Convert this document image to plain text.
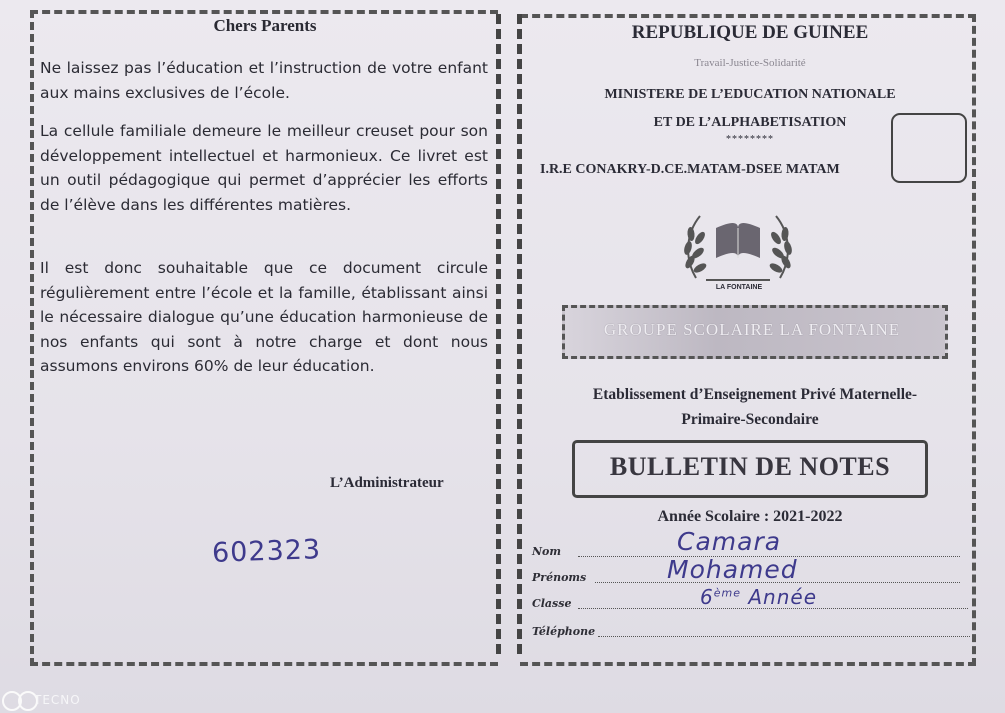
Chers Parents
Ne laissez pas l’éducation et l’instruction de votre enfant aux mains exclusives de l’école.
La cellule familiale demeure le meilleur creuset pour son développement intellectuel et harmonieux. Ce livret est un outil pédagogique qui permet d’apprécier les efforts de l’élève dans les différentes matières.
Il est donc souhaitable que ce document circule régulièrement entre l’école et la famille, établissant ainsi le nécessaire dialogue qu’une éducation harmonieuse de nos enfants qui sont à notre charge et dont nous assumons environs 60% de leur éducation.
L’Administrateur
602323
REPUBLIQUE DE GUINEE
Travail-Justice-Solidarité
MINISTERE DE L’EDUCATION NATIONALE
ET DE L’ALPHABETISATION
********
I.R.E CONAKRY-D.CE.MATAM-DSEE MATAM
LA FONTAINE
GROUPE SCOLAIRE LA FONTAINE
Etablissement d’Enseignement Privé Maternelle-
Primaire-Secondaire
BULLETIN DE NOTES
Année Scolaire : 2021-2022
Nom	Camara
Prénoms	Mohamed
Classe	6ème Année
Téléphone
TECNO
